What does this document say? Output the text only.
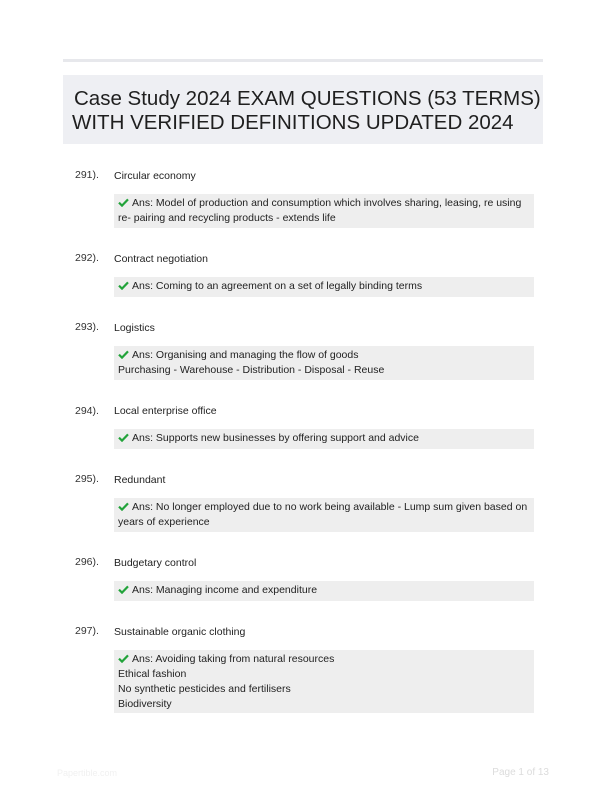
Case Study 2024 EXAM QUESTIONS (53 TERMS)
WITH VERIFIED DEFINITIONS UPDATED 2024
291). Circular economy
Ans: Model of production and consumption which involves sharing, leasing, re using
re- pairing and recycling products - extends life
292). Contract negotiation
Ans: Coming to an agreement on a set of legally binding terms
293). Logistics
Ans: Organising and managing the flow of goods
Purchasing - Warehouse - Distribution - Disposal - Reuse
294). Local enterprise office
Ans: Supports new businesses by offering support and advice
295). Redundant
Ans: No longer employed due to no work being available - Lump sum given based on
years of experience
296). Budgetary control
Ans: Managing income and expenditure
297). Sustainable organic clothing
Ans: Avoiding taking from natural resources
Ethical fashion
No synthetic pesticides and fertilisers
Biodiversity
Papertible.com	Page 1 of 13
